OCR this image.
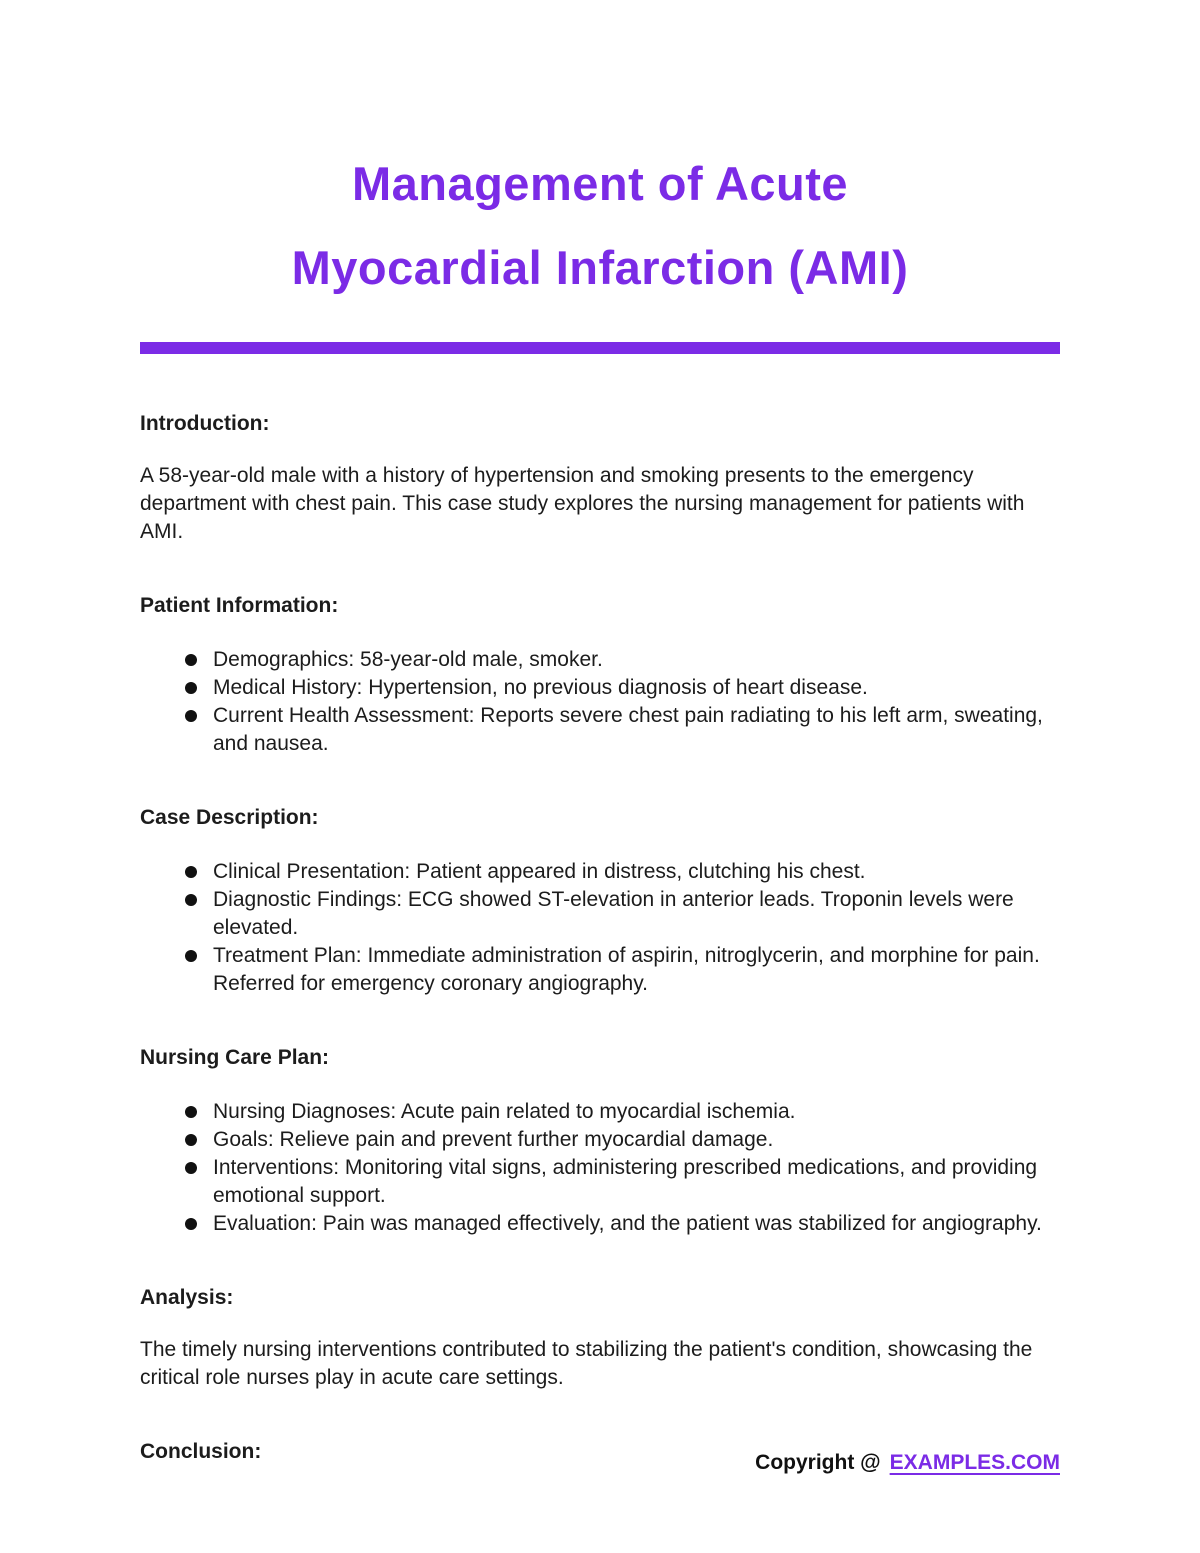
Management of Acute
Myocardial Infarction (AMI)
Introduction:

A 58-year-old male with a history of hypertension and smoking presents to the emergency department with chest pain. This case study explores the nursing management for patients with AMI.

Patient Information:
Demographics: 58-year-old male, smoker.
Medical History: Hypertension, no previous diagnosis of heart disease.
Current Health Assessment: Reports severe chest pain radiating to his left arm, sweating, and nausea.
Case Description:
Clinical Presentation: Patient appeared in distress, clutching his chest.
Diagnostic Findings: ECG showed ST-elevation in anterior leads. Troponin levels were elevated.
Treatment Plan: Immediate administration of aspirin, nitroglycerin, and morphine for pain. Referred for emergency coronary angiography.
Nursing Care Plan:
Nursing Diagnoses: Acute pain related to myocardial ischemia.
Goals: Relieve pain and prevent further myocardial damage.
Interventions: Monitoring vital signs, administering prescribed medications, and providing emotional support.
Evaluation: Pain was managed effectively, and the patient was stabilized for angiography.
Analysis:

The timely nursing interventions contributed to stabilizing the patient's condition, showcasing the critical role nurses play in acute care settings.

Conclusion:	Copyright @ EXAMPLES.COM
